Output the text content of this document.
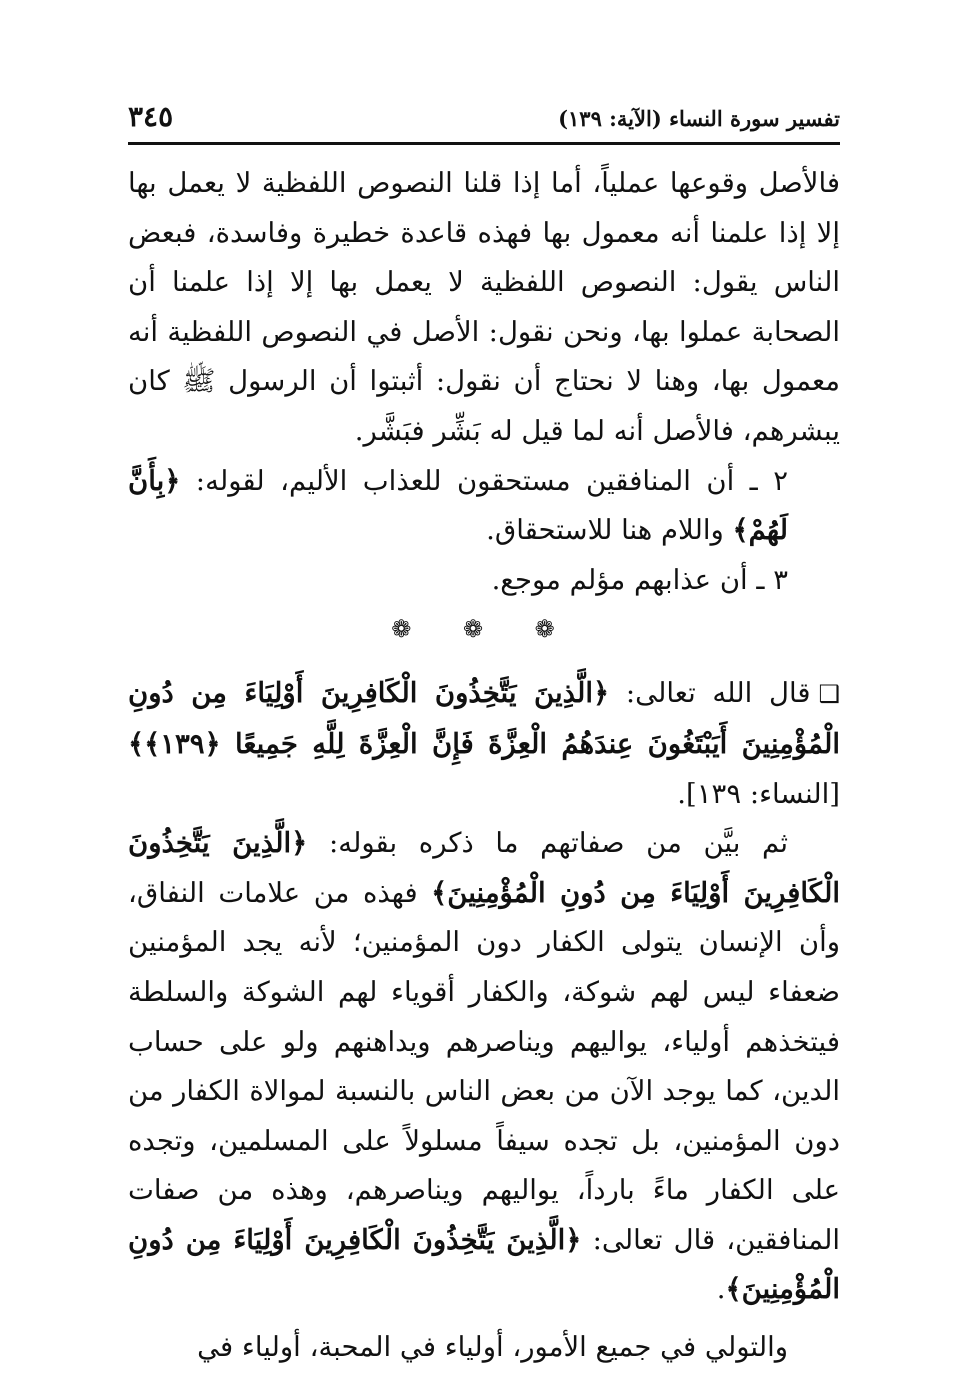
تفسير سورة النساء (الآية: ١٣٩)
٣٤٥

فالأصل وقوعها عملياً، أما إذا قلنا النصوص اللفظية لا يعمل بها إلا إذا علمنا أنه معمول بها فهذه قاعدة خطيرة وفاسدة، فبعض الناس يقول: النصوص اللفظية لا يعمل بها إلا إذا علمنا أن الصحابة عملوا بها، ونحن نقول: الأصل في النصوص اللفظية أنه معمول بها، وهنا لا نحتاج أن نقول: أثبتوا أن الرسول ﷺ كان يبشرهم، فالأصل أنه لما قيل له بَشِّر فبَشَّر.

٢ ـ أن المنافقين مستحقون للعذاب الأليم، لقوله: ﴿بِأَنَّ لَهُمْ﴾ واللام هنا للاستحقاق.

٣ ـ أن عذابهم مؤلم موجع.

❁ ❁ ❁

❑قال الله تعالى: ﴿الَّذِينَ يَتَّخِذُونَ الْكَافِرِينَ أَوْلِيَاءَ مِن دُونِ الْمُؤْمِنِينَ أَيَبْتَغُونَ عِندَهُمُ الْعِزَّةَ فَإِنَّ الْعِزَّةَ لِلَّهِ جَمِيعًا ﴿١٣٩﴾﴾ [النساء: ١٣٩].

ثم بيَّن من صفاتهم ما ذكره بقوله: ﴿الَّذِينَ يَتَّخِذُونَ الْكَافِرِينَ أَوْلِيَاءَ مِن دُونِ الْمُؤْمِنِينَ﴾ فهذه من علامات النفاق، وأن الإنسان يتولى الكفار دون المؤمنين؛ لأنه يجد المؤمنين ضعفاء ليس لهم شوكة، والكفار أقوياء لهم الشوكة والسلطة فيتخذهم أولياء، يواليهم ويناصرهم ويداهنهم ولو على حساب الدين، كما يوجد الآن من بعض الناس بالنسبة لموالاة الكفار من دون المؤمنين، بل تجده سيفاً مسلولاً على المسلمين، وتجده على الكفار ماءً بارداً، يواليهم ويناصرهم، وهذه من صفات المنافقين، قال تعالى: ﴿الَّذِينَ يَتَّخِذُونَ الْكَافِرِينَ أَوْلِيَاءَ مِن دُونِ الْمُؤْمِنِينَ﴾.

والتولي في جميع الأمور، أولياء في المحبة، أولياء في
